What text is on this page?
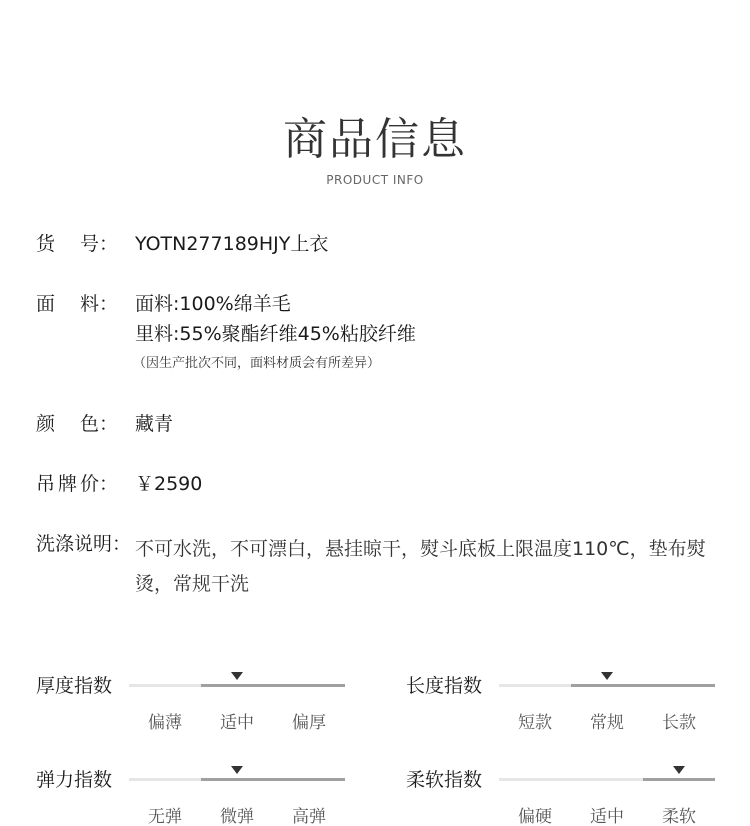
商品信息
PRODUCT INFO
货 号： YOTN277189HJY上衣
面 料： 面料:100%绵羊毛
里料:55%聚酯纤维45%粘胶纤维
（因生产批次不同，面料材质会有所差异）
颜 色： 藏青
吊 牌 价： ￥2590
洗涤说明： 不可水洗，不可漂白，悬挂晾干，熨斗底板上限温度110℃，垫布熨烫，常规干洗
厚度指数
偏薄	适中	偏厚
长度指数
短款	常规	长款
弹力指数
无弹	微弹	高弹
柔软指数
偏硬	适中	柔软
